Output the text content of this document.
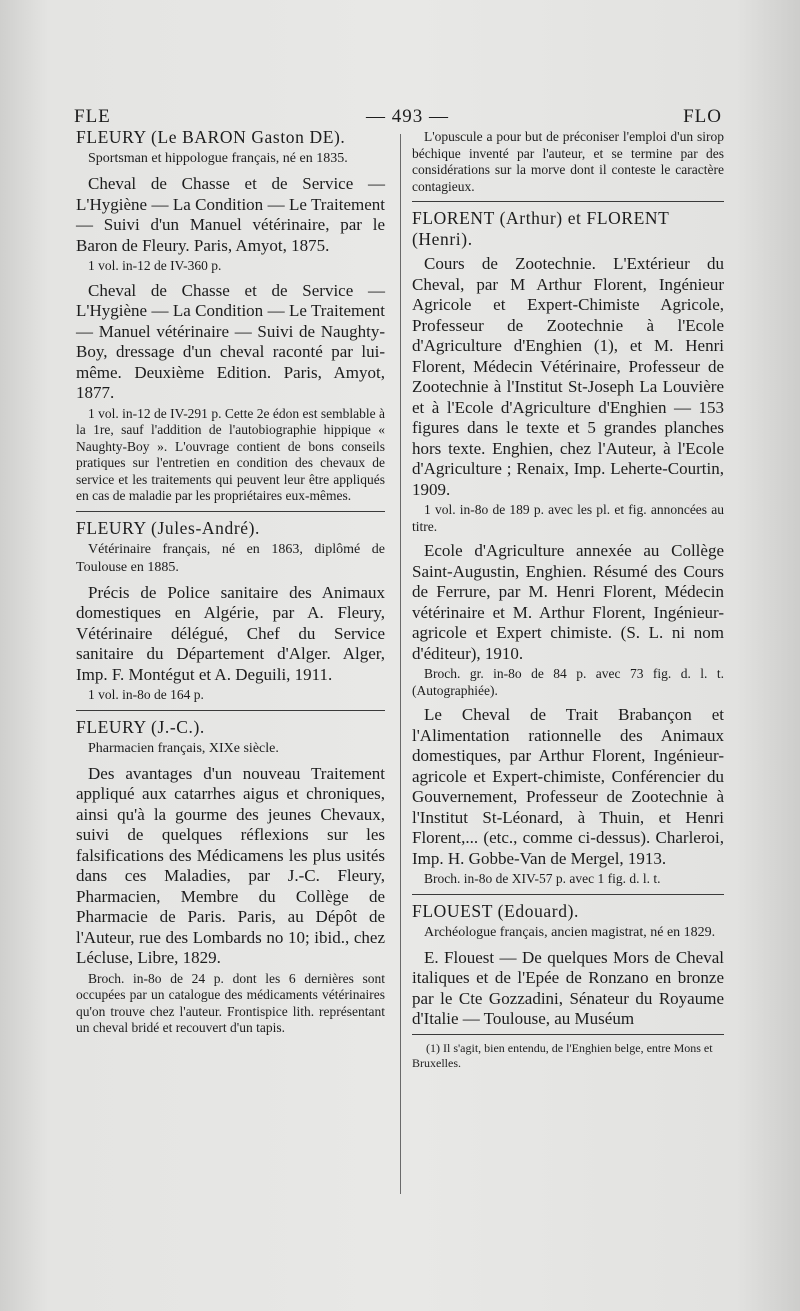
FLE	— 493 —	FLO

FLEURY (Le BARON Gaston DE).

Sportsman et hippologue français, né en 1835.

Cheval de Chasse et de Service — L'Hygiène — La Condition — Le Traitement — Suivi d'un Manuel vétérinaire, par le Baron de Fleury. Paris, Amyot, 1875.

1 vol. in-12 de IV-360 p.

Cheval de Chasse et de Service — L'Hygiène — La Condition — Le Traitement— Manuel vétérinaire — Suivi de Naughty-Boy, dressage d'un cheval raconté par lui-même. Deuxième Edition. Paris, Amyot, 1877.

1 vol. in-12 de IV-291 p. Cette 2e édon est semblable à la 1re, sauf l'addition de l'autobiographie hippique « Naughty-Boy ». L'ouvrage contient de bons conseils pratiques sur l'entretien en condition des chevaux de service et les traitements qui peuvent leur être appliqués en cas de maladie par les propriétaires eux-mêmes.

FLEURY (Jules-André).

Vétérinaire français, né en 1863, diplômé de Toulouse en 1885.

Précis de Police sanitaire des Animaux domestiques en Algérie, par A. Fleury, Vétérinaire délégué, Chef du Service sanitaire du Département d'Alger. Alger, Imp. F. Montégut et A. Deguili, 1911.

1 vol. in-8o de 164 p.

FLEURY (J.-C.).

Pharmacien français, XIXe siècle.

Des avantages d'un nouveau Traitement appliqué aux catarrhes aigus et chroniques, ainsi qu'à la gourme des jeunes Chevaux, suivi de quelques réflexions sur les falsifications des Médicamens les plus usités dans ces Maladies, par J.-C. Fleury, Pharmacien, Membre du Collège de Pharmacie de Paris. Paris, au Dépôt de l'Auteur, rue des Lombards no 10; ibid., chez Lécluse, Libre, 1829.

Broch. in-8o de 24 p. dont les 6 dernières sont occupées par un catalogue des médicaments vétérinaires qu'on trouve chez l'auteur. Frontispice lith. représentant un cheval bridé et recouvert d'un tapis.

L'opuscule a pour but de préconiser l'emploi d'un sirop béchique inventé par l'auteur, et se termine par des considérations sur la morve dont il conteste le caractère contagieux.

FLORENT (Arthur) et FLORENT (Henri).

Cours de Zootechnie. L'Extérieur du Cheval, par M Arthur Florent, Ingénieur Agricole et Expert-Chimiste Agricole, Professeur de Zootechnie à l'Ecole d'Agriculture d'Enghien (1), et M. Henri Florent, Médecin Vétérinaire, Professeur de Zootechnie à l'Institut St-Joseph La Louvière et à l'Ecole d'Agriculture d'Enghien — 153 figures dans le texte et 5 grandes planches hors texte. Enghien, chez l'Auteur, à l'Ecole d'Agriculture ; Renaix, Imp. Leherte-Courtin, 1909.

1 vol. in-8o de 189 p. avec les pl. et fig. annoncées au titre.

Ecole d'Agriculture annexée au Collège Saint-Augustin, Enghien. Résumé des Cours de Ferrure, par M. Henri Florent, Médecin vétérinaire et M. Arthur Florent, Ingénieur-agricole et Expert chimiste. (S. L. ni nom d'éditeur), 1910.

Broch. gr. in-8o de 84 p. avec 73 fig. d. l. t. (Autographiée).

Le Cheval de Trait Brabançon et l'Alimentation rationnelle des Animaux domestiques, par Arthur Florent, Ingénieur-agricole et Expert-chimiste, Conférencier du Gouvernement, Professeur de Zootechnie à l'Institut St-Léonard, à Thuin, et Henri Florent,... (etc., comme ci-dessus). Charleroi, Imp. H. Gobbe-Van de Mergel, 1913.

Broch. in-8o de XIV-57 p. avec 1 fig. d. l. t.

FLOUEST (Edouard).

Archéologue français, ancien magistrat, né en 1829.

E. Flouest — De quelques Mors de Cheval italiques et de l'Epée de Ronzano en bronze par le Cte Gozzadini, Sénateur du Royaume d'Italie — Toulouse, au Muséum

(1) Il s'agit, bien entendu, de l'Enghien belge, entre Mons et Bruxelles.
